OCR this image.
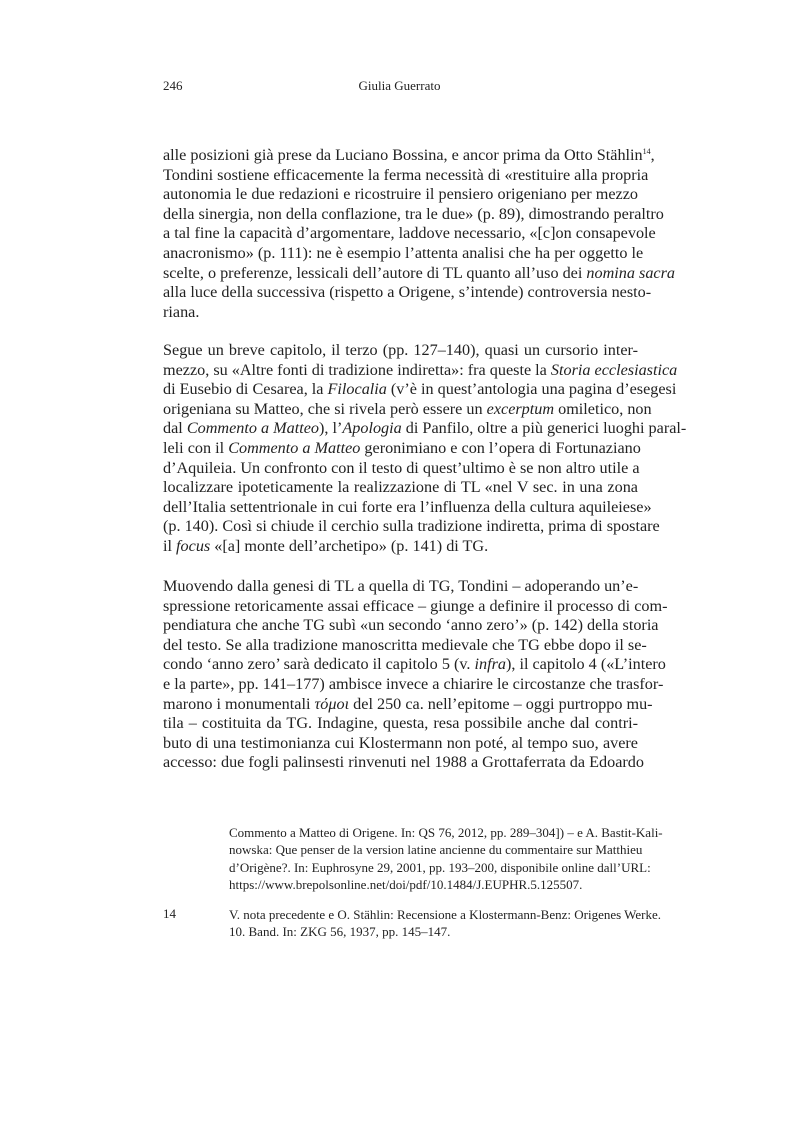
246	Giulia Guerrato
alle posizioni già prese da Luciano Bossina, e ancor prima da Otto Stählin$^{14}$,
Tondini sostiene efficacemente la ferma necessità di «restituire alla propria
autonomia le due redazioni e ricostruire il pensiero origeniano per mezzo
della sinergia, non della conflazione, tra le due» (p. 89), dimostrando peraltro
a tal fine la capacità d’argomentare, laddove necessario, «[c]on consapevole
anacronismo» (p. 111): ne è esempio l’attenta analisi che ha per oggetto le
scelte, o preferenze, lessicali dell’autore di TL quanto all’uso dei nomina sacra
alla luce della successiva (rispetto a Origene, s’intende) controversia nesto-
riana.
Segue un breve capitolo, il terzo (pp. 127–140), quasi un cursorio inter-
mezzo, su «Altre fonti di tradizione indiretta»: fra queste la Storia ecclesiastica
di Eusebio di Cesarea, la Filocalia (v’è in quest’antologia una pagina d’esegesi
origeniana su Matteo, che si rivela però essere un excerptum omiletico, non
dal Commento a Matteo), l’Apologia di Panfilo, oltre a più generici luoghi paral-
leli con il Commento a Matteo geronimiano e con l’opera di Fortunaziano
d’Aquileia. Un confronto con il testo di quest’ultimo è se non altro utile a
localizzare ipoteticamente la realizzazione di TL «nel V sec. in una zona
dell’Italia settentrionale in cui forte era l’influenza della cultura aquileiese»
(p. 140). Così si chiude il cerchio sulla tradizione indiretta, prima di spostare
il focus «[a] monte dell’archetipo» (p. 141) di TG.
Muovendo dalla genesi di TL a quella di TG, Tondini – adoperando un’e-
spressione retoricamente assai efficace – giunge a definire il processo di com-
pendiatura che anche TG subì «un secondo ‘anno zero’» (p. 142) della storia
del testo. Se alla tradizione manoscritta medievale che TG ebbe dopo il se-
condo ‘anno zero’ sarà dedicato il capitolo 5 (v. infra), il capitolo 4 («L’intero
e la parte», pp. 141–177) ambisce invece a chiarire le circostanze che trasfor-
marono i monumentali τόμοι del 250 ca. nell’epitome – oggi purtroppo mu-
tila – costituita da TG. Indagine, questa, resa possibile anche dal contri-
buto di una testimonianza cui Klostermann non poté, al tempo suo, avere
accesso: due fogli palinsesti rinvenuti nel 1988 a Grottaferrata da Edoardo
Commento a Matteo di Origene. In: QS 76, 2012, pp. 289–304]) – e A. Bastit-Kali-
nowska: Que penser de la version latine ancienne du commentaire sur Matthieu
d’Origène?. In: Euphrosyne 29, 2001, pp. 193–200, disponibile online dall’URL:
https://www.brepolsonline.net/doi/pdf/10.1484/J.EUPHR.5.125507.
14	V. nota precedente e O. Stählin: Recensione a Klostermann-Benz: Origenes Werke.
10. Band. In: ZKG 56, 1937, pp. 145–147.
